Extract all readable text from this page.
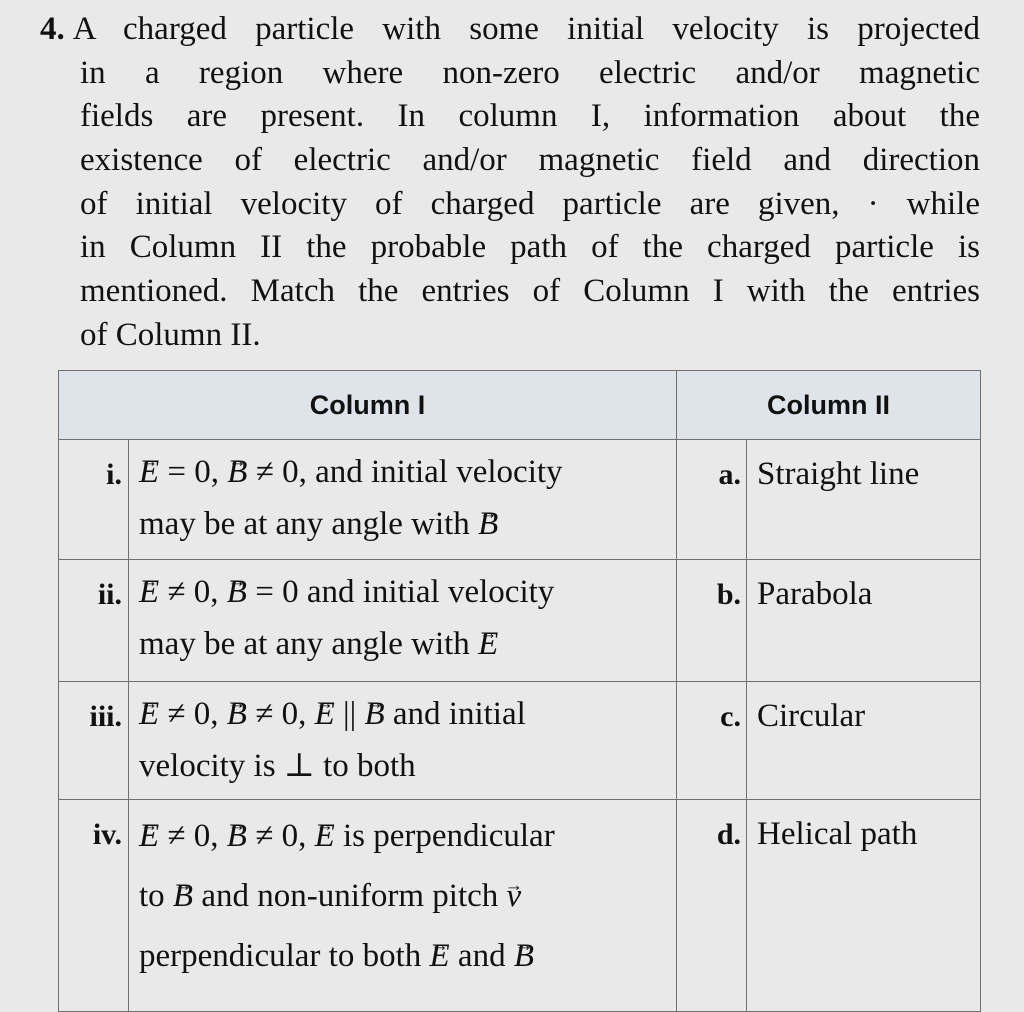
4. A charged particle with some initial velocity is projected
in a region where non-zero electric and/or magnetic
fields are present. In column I, information about the
existence of electric and/or magnetic field and direction
of initial velocity of charged particle are given, · while
in Column II the probable path of the charged particle is
mentioned. Match the entries of Column I with the entries
of Column II.
Column I		Column II	
i.	→ E = 0, → B ≠ 0, and initial velocity
may be at any angle with → B	a.	Straight line
ii.	→ E ≠ 0, → B = 0 and initial velocity
may be at any angle with → E	b.	Parabola
iii.	→ E ≠ 0, → B ≠ 0, → E || → B and initial
velocity is ⊥ to both	c.	Circular
iv.	→ E ≠ 0, → B ≠ 0, → E is perpendicular
to → B and non-uniform pitch → v
perpendicular to both → E and → B	d.	Helical path
